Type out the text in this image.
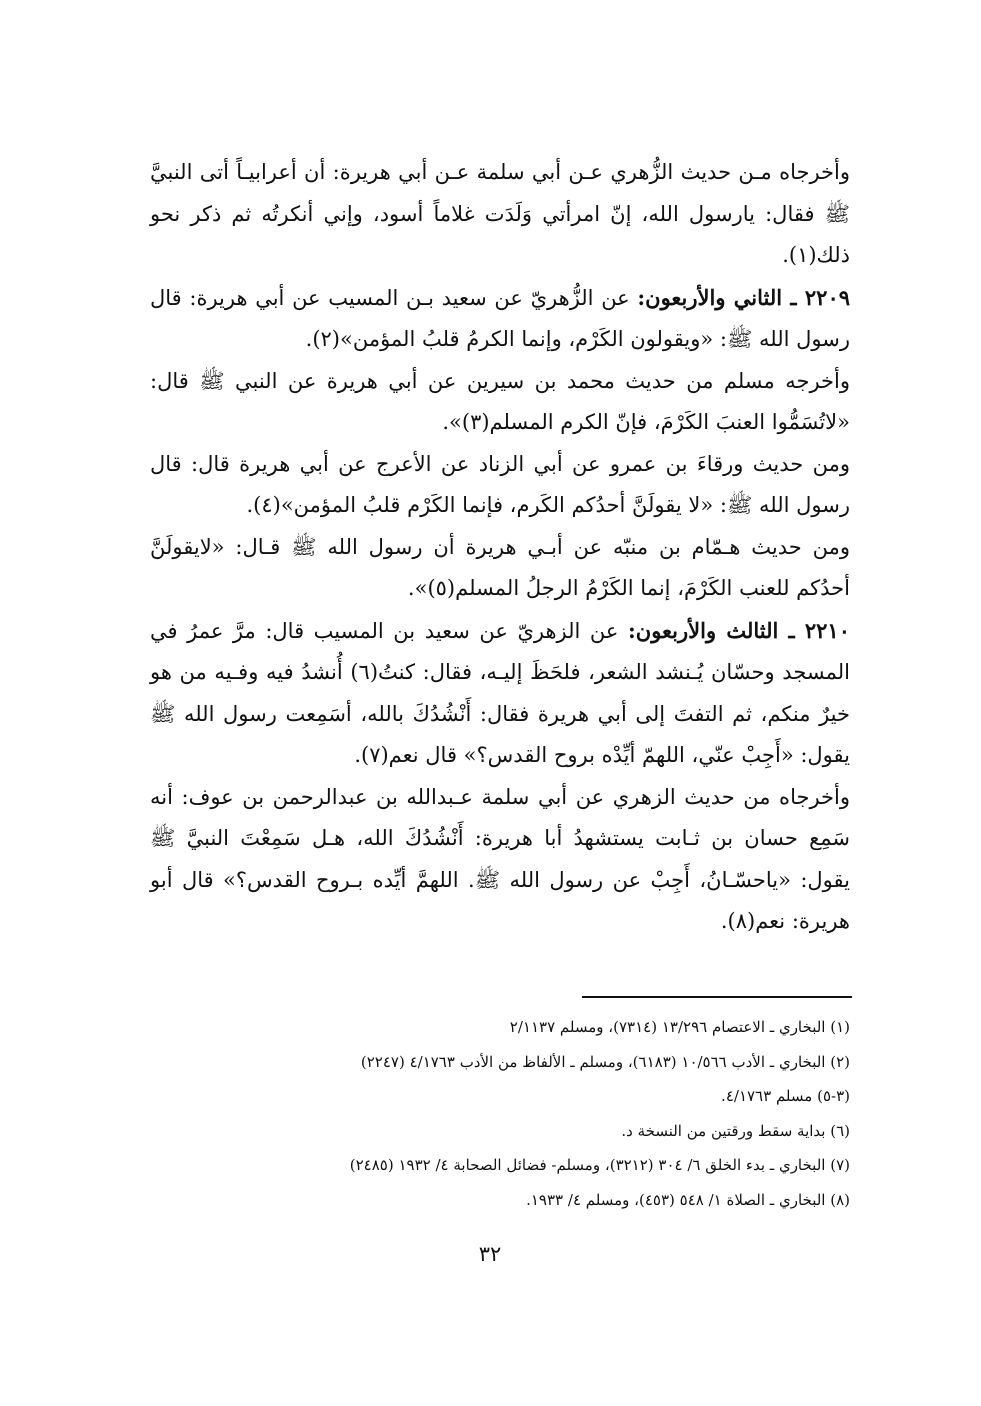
وأخرجاه مـن حديث الزُّهري عـن أبي سلمة عـن أبي هريرة: أن أعرابيـاً أتى النبيَّ ﷺ فقال: يارسول الله، إنّ امرأتي وَلَدَت غلاماً أسود، وإني أنكرتُه ثم ذكر نحو ذلك(١).

٢٢٠٩ ـ الثاني والأربعون: عن الزُّهريّ عن سعيد بـن المسيب عن أبي هريرة: قال رسول الله ﷺ: «ويقولون الكَرْم، وإنما الكرمُ قلبُ المؤمن»(٢).

وأخرجه مسلم من حديث محمد بن سيرين عن أبي هريرة عن النبي ﷺ قال: «لاتُسَمُّوا العنبَ الكَرْمَ، فإنّ الكرم المسلم(٣)».

ومن حديث ورقاءَ بن عمرو عن أبي الزناد عن الأعرج عن أبي هريرة قال: قال رسول الله ﷺ: «لا يقولَنَّ أحدُكم الكَرم، فإنما الكَرْم قلبُ المؤمن»(٤).

ومن حديث هـمّام بن منبّه عن أبـي هريرة أن رسول الله ﷺ قـال: «لايقولَنَّ أحدُكم للعنب الكَرْمَ، إنما الكَرْمُ الرجلُ المسلم(٥)».

٢٢١٠ ـ الثالث والأربعون: عن الزهريّ عن سعيد بن المسيب قال: مرَّ عمرُ في المسجد وحسّان يُـنشد الشعر، فلحَظَ إليـه، فقال: كنتُ(٦) أُنشدُ فيه وفـيه من هو خيرٌ منكم، ثم التفتَ إلى أبي هريرة فقال: أَنْشُدُكَ بالله، أسَمِعت رسول الله ﷺ يقول: «أَجِبْ عنّي، اللهمّ أيِّدْه بروح القدس؟» قال نعم(٧).

وأخرجاه من حديث الزهري عن أبي سلمة عـبدالله بن عبدالرحمن بن عوف: أنه سَمِع حسان بن ثـابت يستشهدُ أبا هريرة: أَنْشُدُكَ الله، هـل سَمِعْتَ النبيَّ ﷺ يقول: «ياحسّـانُ، أَجِبْ عن رسول الله ﷺ. اللهمَّ أيِّده بـروح القدس؟» قال أبو هريرة: نعم(٨).

(١) البخاري ـ الاعتصام ١٣/٢٩٦ (٧٣١٤)، ومسلم ٢/١١٣٧
(٢) البخاري ـ الأدب ١٠/٥٦٦ (٦١٨٣)، ومسلم ـ الألفاظ من الأدب ٤/١٧٦٣ (٢٢٤٧)
(٣-٥) مسلم ٤/١٧٦٣.
(٦) بداية سقط ورقتين من النسخة د.
(٧) البخاري ـ بدء الخلق ٦/ ٣٠٤ (٣٢١٢)، ومسلم- فضائل الصحابة ٤/ ١٩٣٢ (٢٤٨٥)
(٨) البخاري ـ الصلاة ١/ ٥٤٨ (٤٥٣)، ومسلم ٤/ ١٩٣٣.
٣٢
